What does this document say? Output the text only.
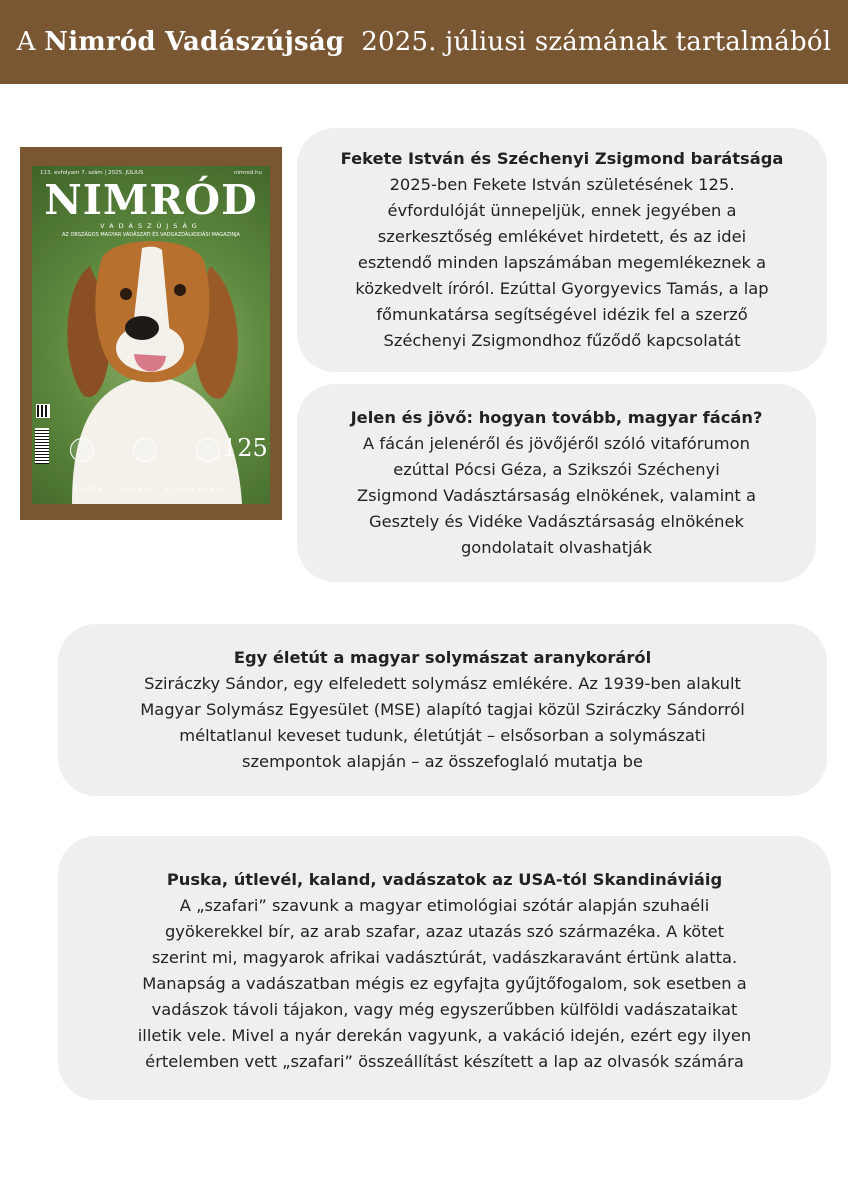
A
Nimród Vadászújság
2025. júliusi számának tartalmából
113. évfolyam 7. szám | 2025. JÚLIUS	nimrod.hu
NIMRÓD
VADÁSZÚJSÁG
AZ ORSZÁGOS MAGYAR VADÁSZATI ÉS VADGAZDÁLKODÁSI MAGAZINJA
125
ÉRTÉK | HŰSÉG | SZENVEDÉLY
Fekete István és Széchenyi Zsigmond barátsága
2025-ben Fekete István születésének 125.
évfordulóját ünnepeljük, ennek jegyében a
szerkesztőség emlékévet hirdetett, és az idei
esztendő minden lapszámában megemlékeznek a
közkedvelt íróról. Ezúttal Gyorgyevics Tamás, a lap
főmunkatársa segítségével idézik fel a szerző
Széchenyi Zsigmondhoz fűződő kapcsolatát
Jelen és jövő: hogyan tovább, magyar fácán?
A fácán jelenéről és jövőjéről szóló vitafórumon
ezúttal Pócsi Géza, a Szikszói Széchenyi
Zsigmond Vadásztársaság elnökének, valamint a
Gesztely és Vidéke Vadásztársaság elnökének
gondolatait olvashatják
Egy életút a magyar solymászat aranykoráról
Sziráczky Sándor, egy elfeledett solymász emlékére. Az 1939-ben alakult
Magyar Solymász Egyesület (MSE) alapító tagjai közül Sziráczky Sándorról
méltatlanul keveset tudunk, életútját – elsősorban a solymászati
szempontok alapján – az összefoglaló mutatja be
Puska, útlevél, kaland, vadászatok az USA-tól Skandináviáig
A „szafari” szavunk a magyar etimológiai szótár alapján szuhaéli
gyökerekkel bír, az arab szafar, azaz utazás szó származéka. A kötet
szerint mi, magyarok afrikai vadásztúrát, vadászkaravánt értünk alatta.
Manapság a vadászatban mégis ez egyfajta gyűjtőfogalom, sok esetben a
vadászok távoli tájakon, vagy még egyszerűbben külföldi vadászataikat
illetik vele. Mivel a nyár derekán vagyunk, a vakáció idején, ezért egy ilyen
értelemben vett „szafari” összeállítást készített a lap az olvasók számára
